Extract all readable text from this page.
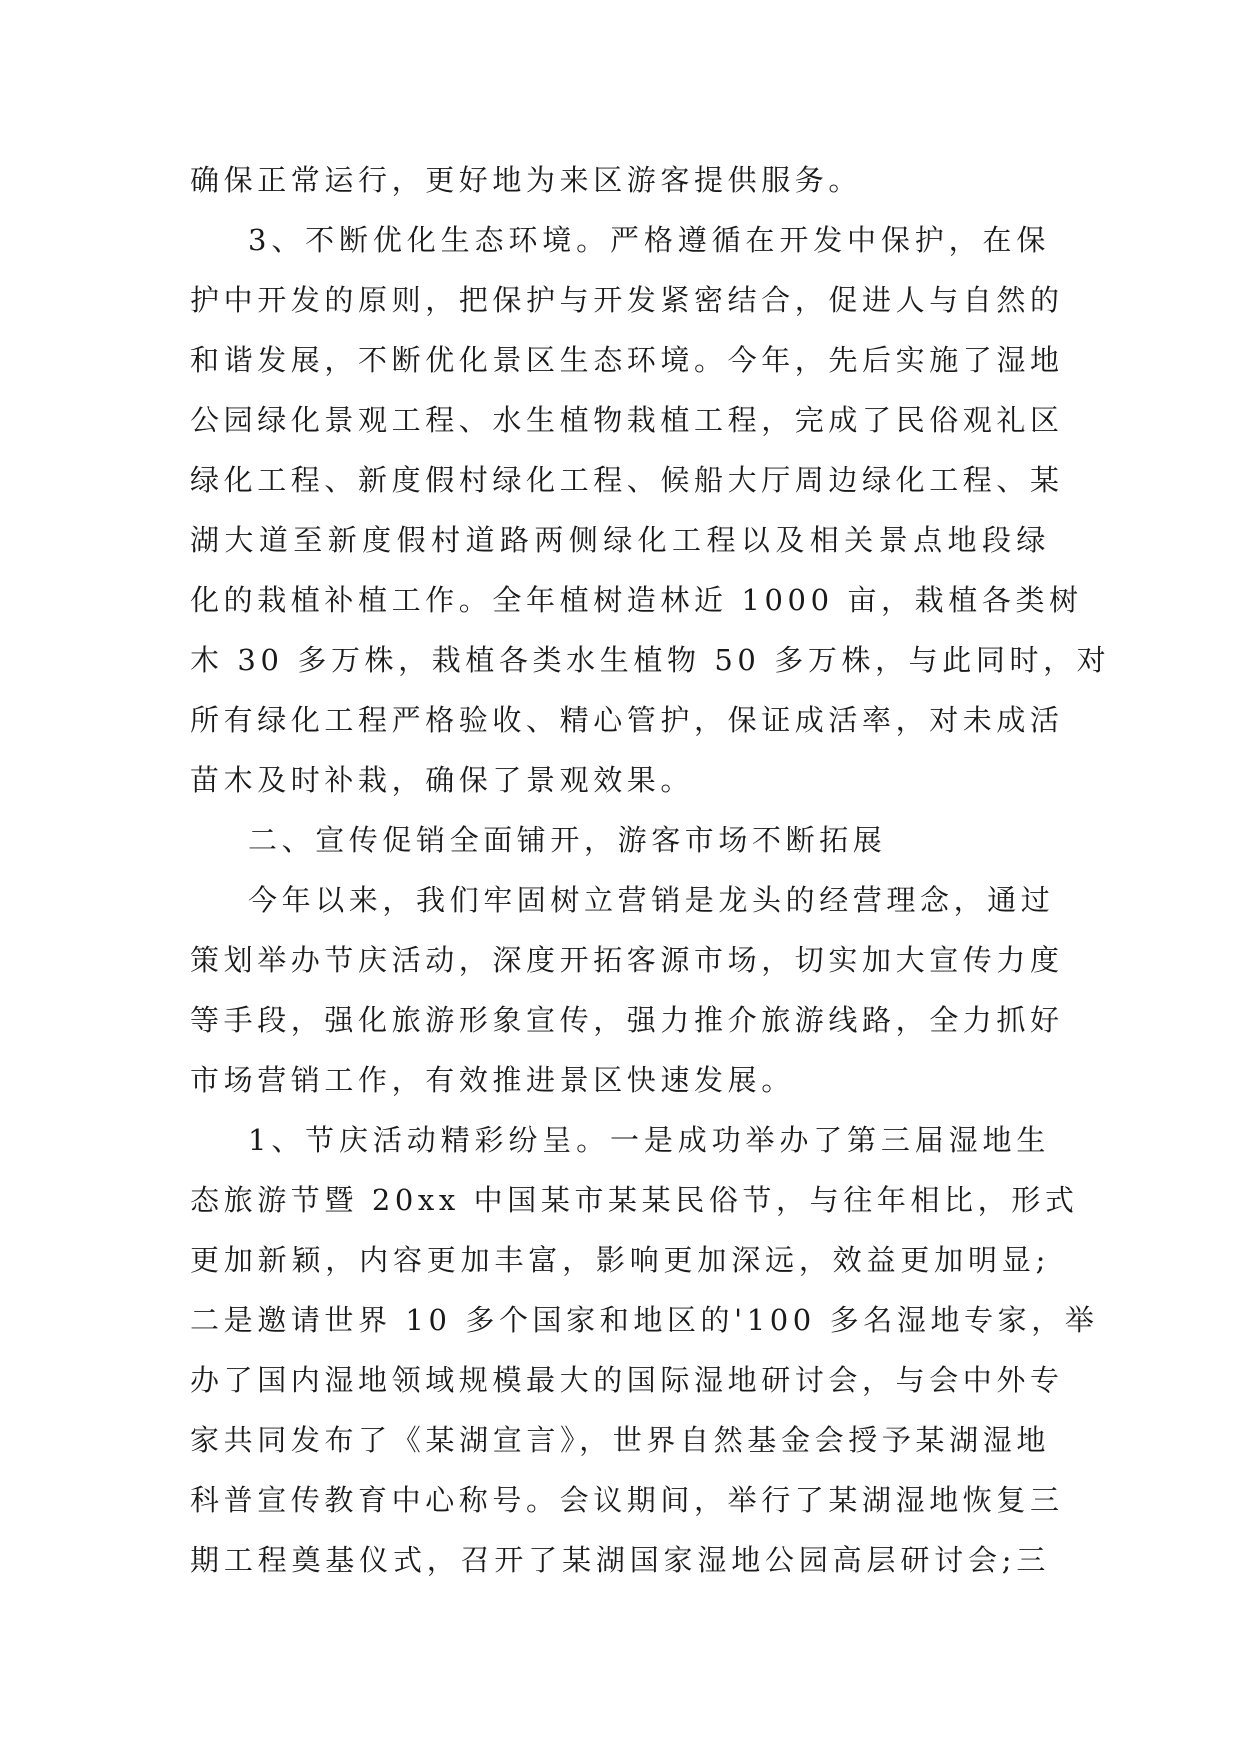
确保正常运行，更好地为来区游客提供服务。
3、不断优化生态环境。严格遵循在开发中保护，在保
护中开发的原则，把保护与开发紧密结合，促进人与自然的
和谐发展，不断优化景区生态环境。今年，先后实施了湿地
公园绿化景观工程、水生植物栽植工程，完成了民俗观礼区
绿化工程、新度假村绿化工程、候船大厅周边绿化工程、某
湖大道至新度假村道路两侧绿化工程以及相关景点地段绿
化的栽植补植工作。全年植树造林近 1000 亩，栽植各类树
木 30 多万株，栽植各类水生植物 50 多万株，与此同时，对
所有绿化工程严格验收、精心管护，保证成活率，对未成活
苗木及时补栽，确保了景观效果。
二、宣传促销全面铺开，游客市场不断拓展
今年以来，我们牢固树立营销是龙头的经营理念，通过
策划举办节庆活动，深度开拓客源市场，切实加大宣传力度
等手段，强化旅游形象宣传，强力推介旅游线路，全力抓好
市场营销工作，有效推进景区快速发展。
1、节庆活动精彩纷呈。一是成功举办了第三届湿地生
态旅游节暨 20xx 中国某市某某民俗节，与往年相比，形式
更加新颖，内容更加丰富，影响更加深远，效益更加明显;
二是邀请世界 10 多个国家和地区的'100 多名湿地专家，举
办了国内湿地领域规模最大的国际湿地研讨会，与会中外专
家共同发布了《某湖宣言》，世界自然基金会授予某湖湿地
科普宣传教育中心称号。会议期间，举行了某湖湿地恢复三
期工程奠基仪式，召开了某湖国家湿地公园高层研讨会;三
